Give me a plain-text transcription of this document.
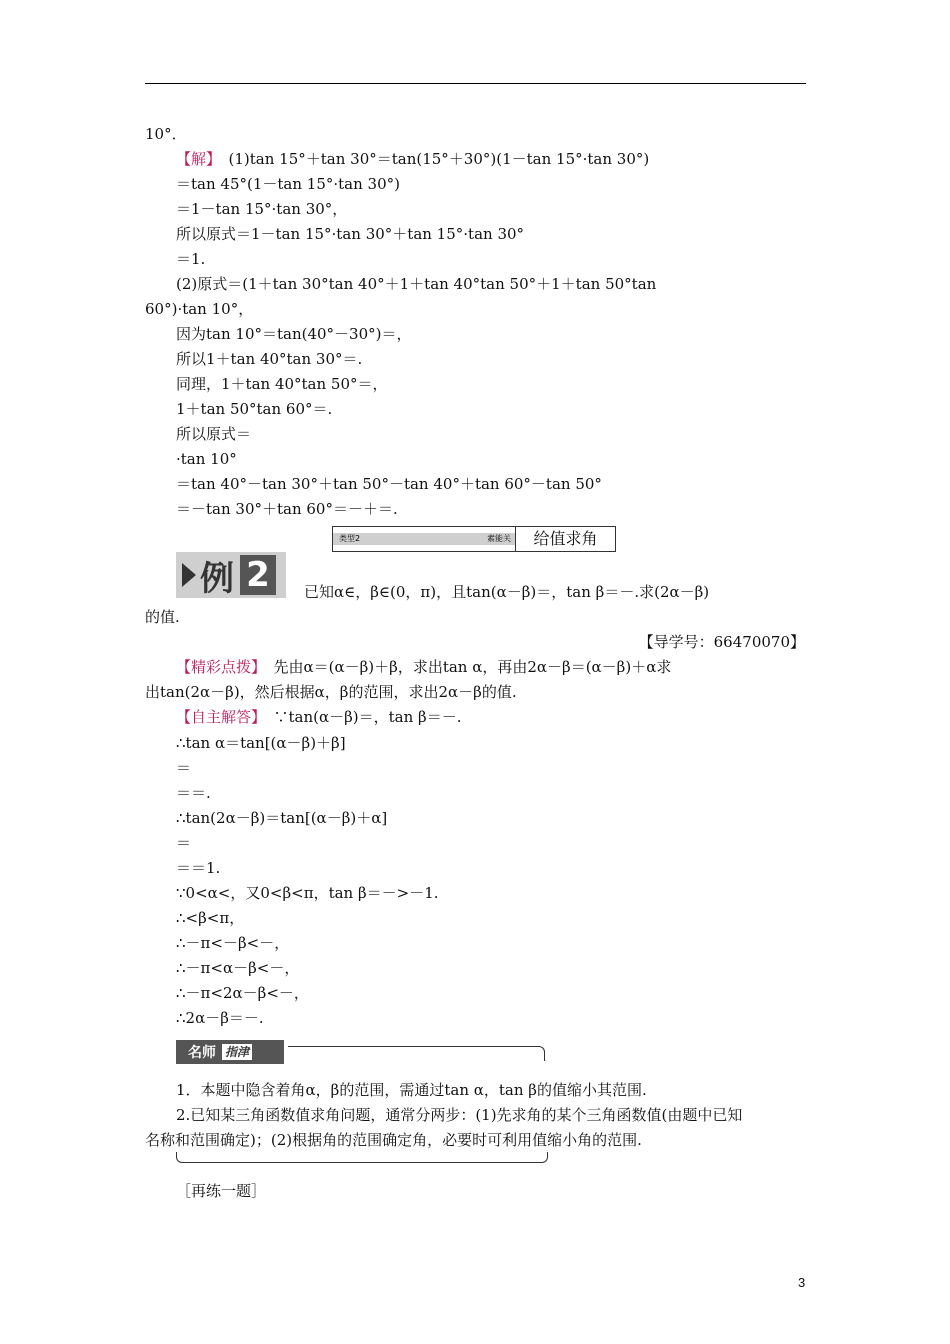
10°．
【解】　(1)tan 15°＋tan 30°＝tan(15°＋30°)(1－tan 15°·tan 30°)
＝tan 45°(1－tan 15°·tan 30°)
＝1－tan 15°·tan 30°，
所以原式＝1－tan 15°·tan 30°＋tan 15°·tan 30°
＝1.
(2)原式＝(1＋tan 30°tan 40°＋1＋tan 40°tan 50°＋1＋tan 50°tan
60°)·tan 10°，
因为tan 10°＝tan(40°－30°)＝，
所以1＋tan 40°tan 30°＝.
同理，1＋tan 40°tan 50°＝，
1＋tan 50°tan 60°＝.
所以原式＝
·tan 10°
＝tan 40°－tan 30°＋tan 50°－tan 40°＋tan 60°－tan 50°
＝－tan 30°＋tan 60°＝－＋＝.
类型2	素能关	给值求角
例 2	已知α∈，β∈(0，π)，且tan(α－β)＝，tan β＝－.求(2α－β)
的值.
【导学号：66470070】
【精彩点拨】　先由α＝(α－β)＋β，求出tan α，再由2α－β＝(α－β)＋α求
出tan(2α－β)，然后根据α，β的范围，求出2α－β的值.
【自主解答】　∵tan(α－β)＝，tan β＝－.
∴tan α＝tan[(α－β)＋β]
＝
＝＝.
∴tan(2α－β)＝tan[(α－β)＋α]
＝
＝＝1.
∵0<α<，又0<β<π，tan β＝－>－1.
∴<β<π，
∴－π<－β<－，
∴－π<α－β<－，
∴－π<2α－β<－，
∴2α－β＝－.
名师 指津
1．本题中隐含着角α，β的范围，需通过tan α，tan β的值缩小其范围.
2.已知某三角函数值求角问题，通常分两步：(1)先求角的某个三角函数值(由题中已知
名称和范围确定)；(2)根据角的范围确定角，必要时可利用值缩小角的范围.
［再练一题］
3
